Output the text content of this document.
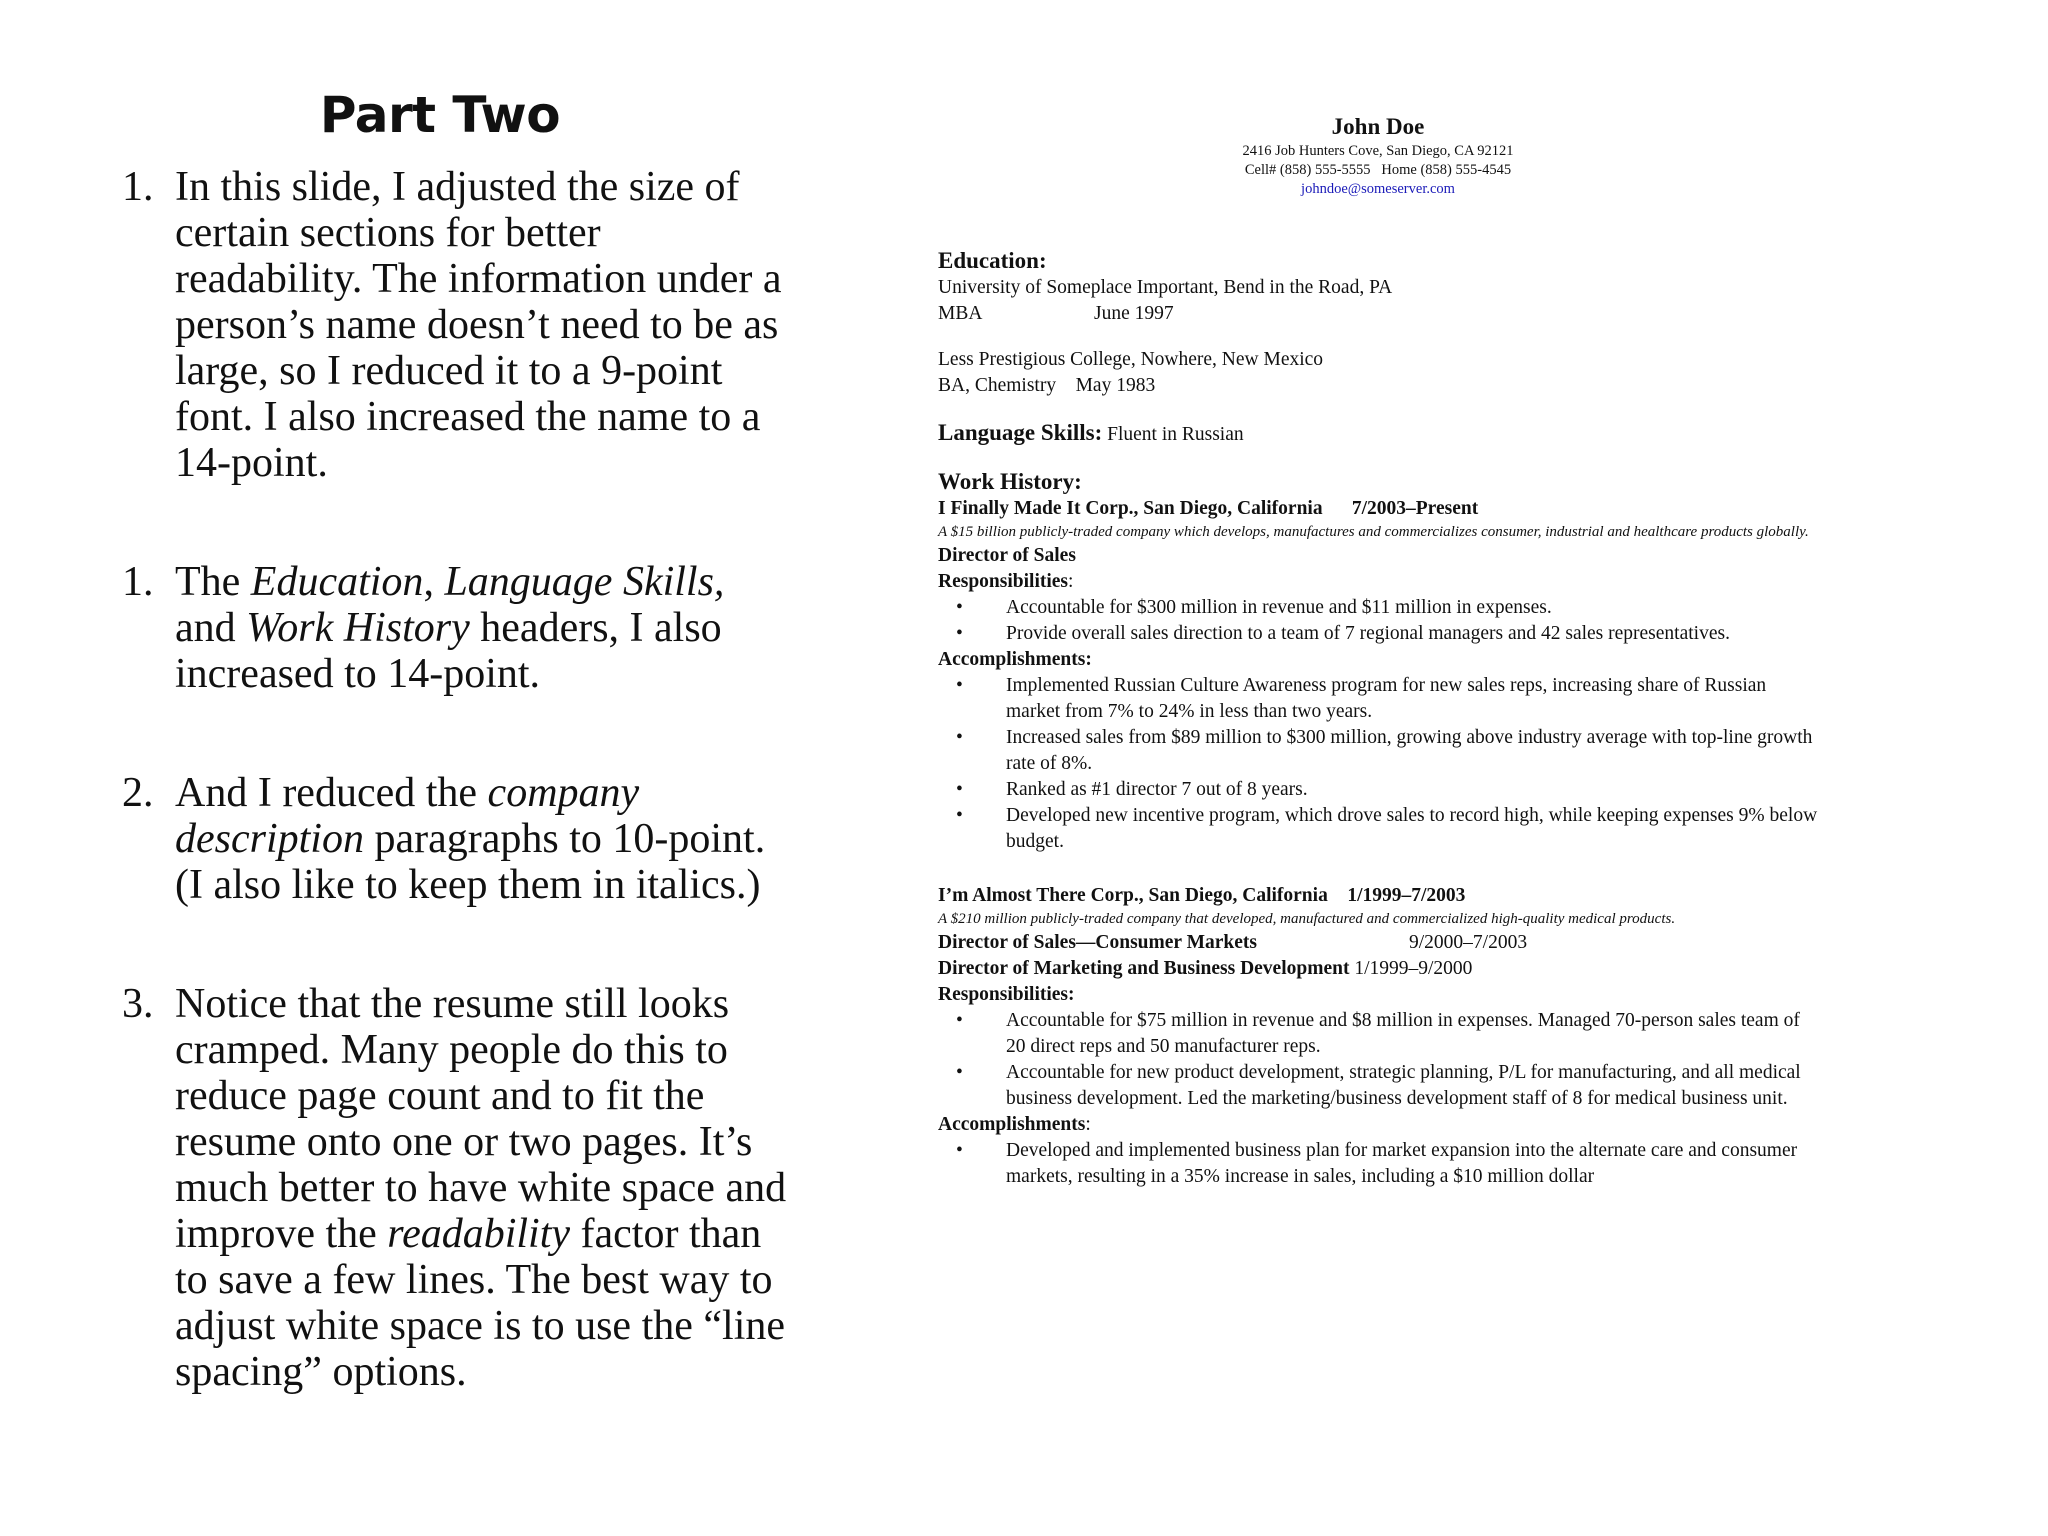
Part Two
1. In this slide, I adjusted the size of certain sections for better readability. The information under a person’s name doesn’t need to be as large, so I reduced it to a 9-point font. I also increased the name to a 14-point.
1. The Education, Language Skills, and Work History headers, I also increased to 14-point.
2. And I reduced the company description paragraphs to 10-point. (I also like to keep them in italics.)
3. Notice that the resume still looks cramped. Many people do this to reduce page count and to fit the resume onto one or two pages. It’s much better to have white space and improve the readability factor than to save a few lines. The best way to adjust white space is to use the “line spacing” options.
John Doe
2416 Job Hunters Cove, San Diego, CA 92121
Cell# (858) 555-5555 Home (858) 555-4545
johndoe@someserver.com
Education:
University of Someplace Important, Bend in the Road, PA
MBA	June 1997
Less Prestigious College, Nowhere, New Mexico
BA, Chemistry May 1983
Language Skills: Fluent in Russian
Work History:
I Finally Made It Corp., San Diego, California 7/2003–Present
A $15 billion publicly-traded company which develops, manufactures and commercializes consumer, industrial and healthcare products globally.
Director of Sales
Responsibilities:
• Accountable for $300 million in revenue and $11 million in expenses.
• Provide overall sales direction to a team of 7 regional managers and 42 sales representatives.
Accomplishments:
• Implemented Russian Culture Awareness program for new sales reps, increasing share of Russian market from 7% to 24% in less than two years.
• Increased sales from $89 million to $300 million, growing above industry average with top-line growth rate of 8%.
• Ranked as #1 director 7 out of 8 years.
• Developed new incentive program, which drove sales to record high, while keeping expenses 9% below budget.
I’m Almost There Corp., San Diego, California 1/1999–7/2003
A $210 million publicly-traded company that developed, manufactured and commercialized high-quality medical products.
Director of Sales—Consumer Markets	9/2000–7/2003
Director of Marketing and Business Development 1/1999–9/2000
Responsibilities:
• Accountable for $75 million in revenue and $8 million in expenses. Managed 70-person sales team of 20 direct reps and 50 manufacturer reps.
• Accountable for new product development, strategic planning, P/L for manufacturing, and all medical business development. Led the marketing/business development staff of 8 for medical business unit.
Accomplishments:
• Developed and implemented business plan for market expansion into the alternate care and consumer markets, resulting in a 35% increase in sales, including a $10 million dollar
